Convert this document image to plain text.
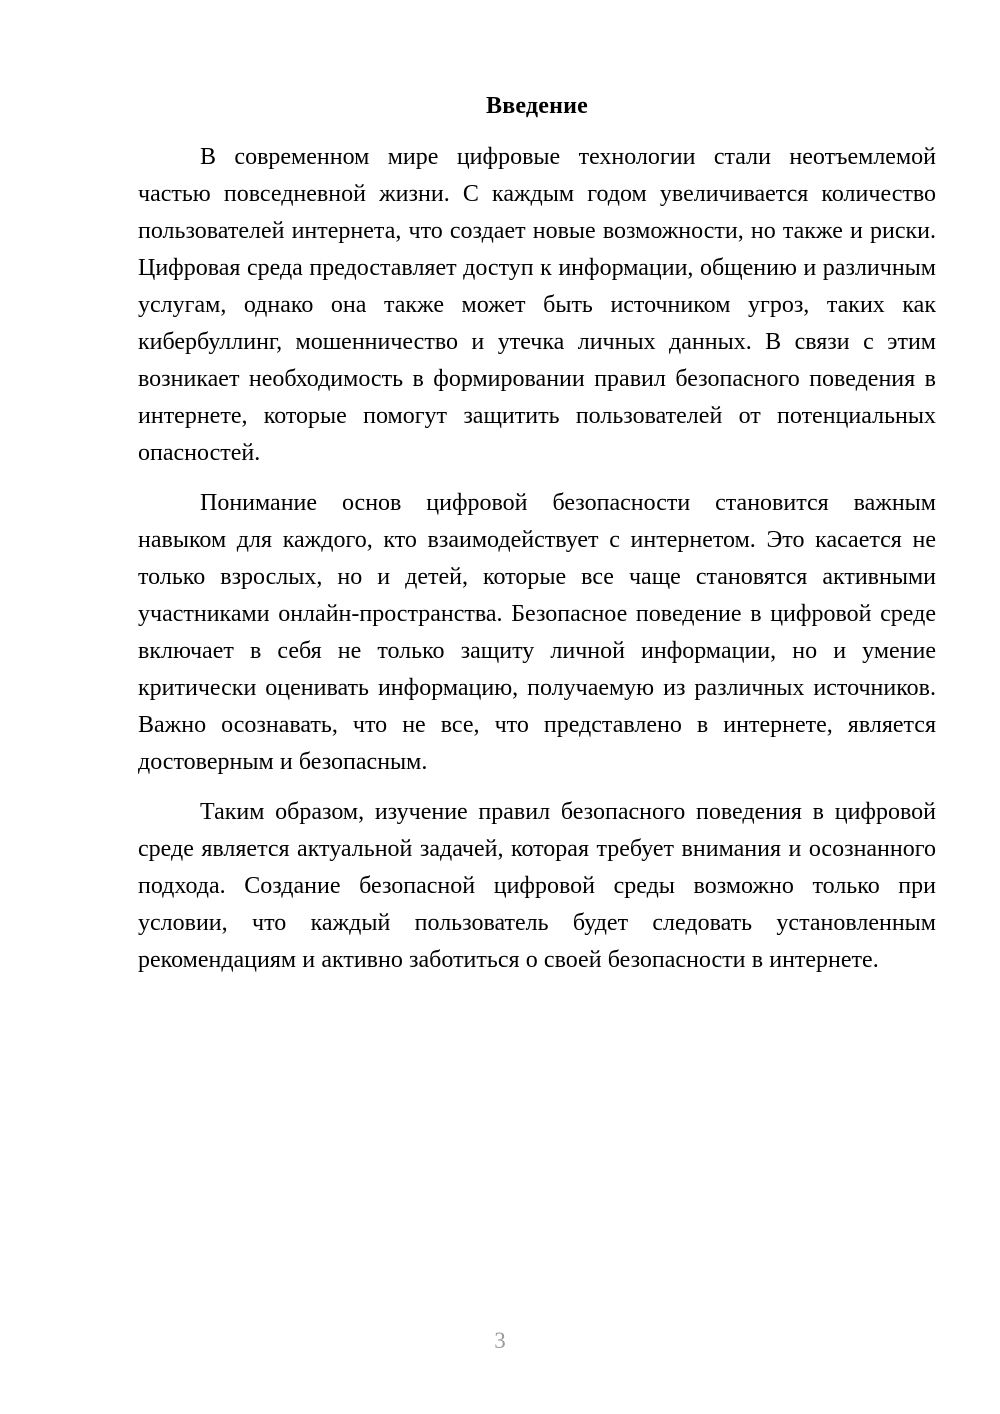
Введение

В современном мире цифровые технологии стали неотъемлемой частью повседневной жизни. С каждым годом увеличивается количество пользователей интернета, что создает новые возможности, но также и риски. Цифровая среда предоставляет доступ к информации, общению и различным услугам, однако она также может быть источником угроз, таких как кибербуллинг, мошенничество и утечка личных данных. В связи с этим возникает необходимость в формировании правил безопасного поведения в интернете, которые помогут защитить пользователей от потенциальных опасностей.

Понимание основ цифровой безопасности становится важным навыком для каждого, кто взаимодействует с интернетом. Это касается не только взрослых, но и детей, которые все чаще становятся активными участниками онлайн-пространства. Безопасное поведение в цифровой среде включает в себя не только защиту личной информации, но и умение критически оценивать информацию, получаемую из различных источников. Важно осознавать, что не все, что представлено в интернете, является достоверным и безопасным.

Таким образом, изучение правил безопасного поведения в цифровой среде является актуальной задачей, которая требует внимания и осознанного подхода. Создание безопасной цифровой среды возможно только при условии, что каждый пользователь будет следовать установленным рекомендациям и активно заботиться о своей безопасности в интернете.

3
